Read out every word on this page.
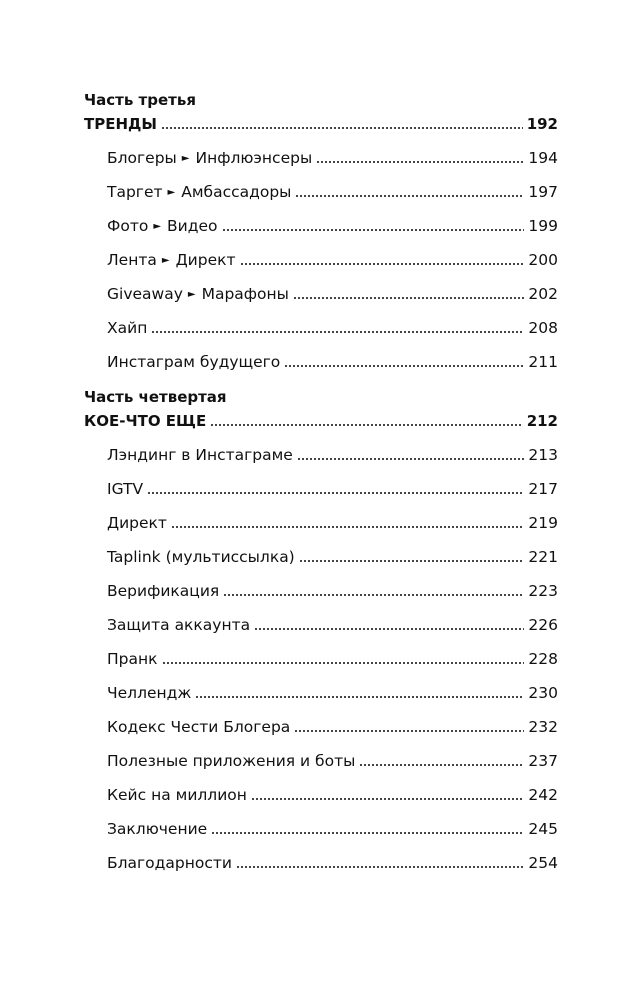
Часть третья
ТРЕНДЫ	192
Блогеры ► Инфлюэнсеры	194
Таргет ► Амбассадоры	197
Фото ► Видео	199
Лента ► Директ	200
Giveaway ► Марафоны	202
Хайп	208
Инстаграм будущего	211
Часть четвертая
КОЕ-ЧТО ЕЩЕ	212
Лэндинг в Инстаграме	213
IGTV	217
Директ	219
Taplink (мультиссылка)	221
Верификация	223
Защита аккаунта	226
Пранк	228
Челлендж	230
Кодекс Чести Блогера	232
Полезные приложения и боты	237
Кейс на миллион	242
Заключение	245
Благодарности	254
